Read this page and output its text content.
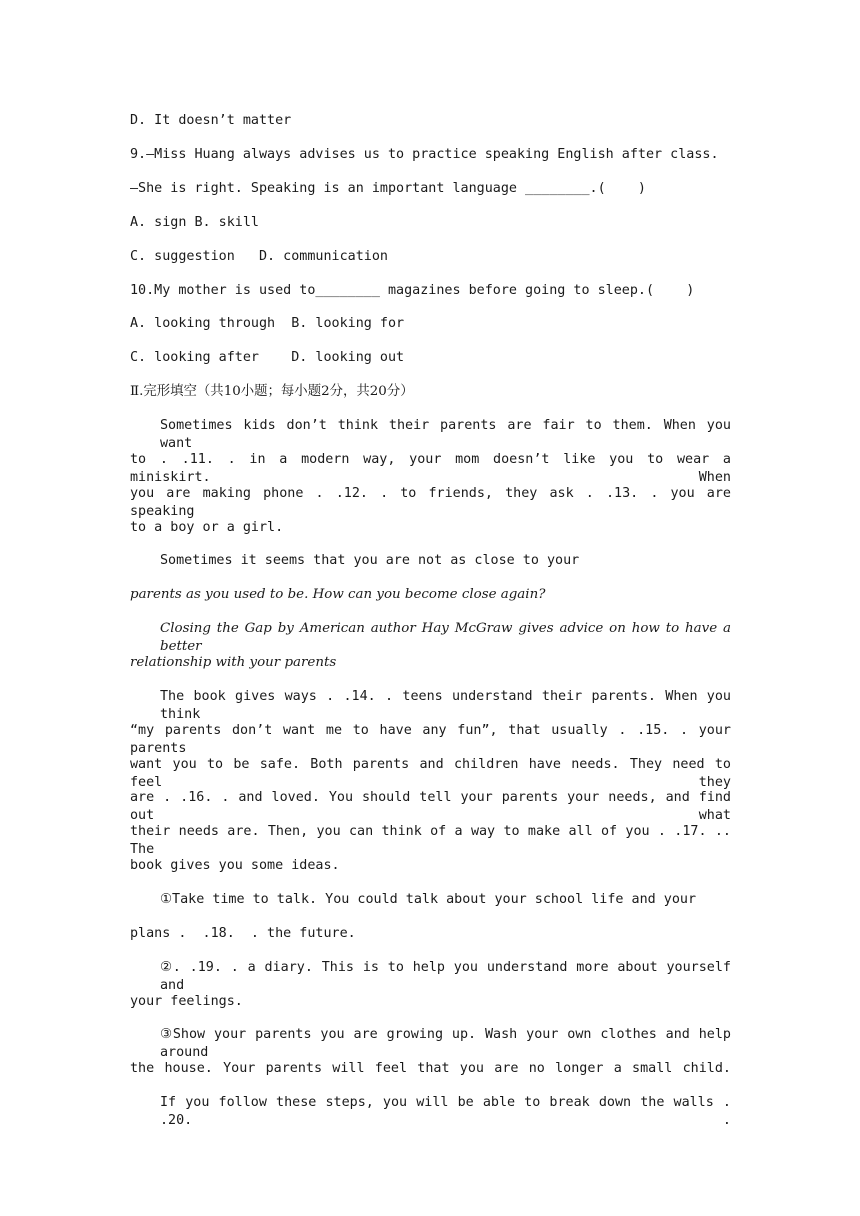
D. It doesn’t matter
9.—Miss Huang always advises us to practice speaking English after class.
—She is right. Speaking is an important language ________.(    )
A. sign B. skill
C. suggestion   D. communication
10.My mother is used to________ magazines before going to sleep.(    )
A. looking through  B. looking for
C. looking after    D. looking out
Ⅱ.完形填空（共10小题；每小题2分，共20分）
Sometimes kids don’t think their parents are fair to them. When you want
to . .11. . in a modern way, your mom doesn’t like you to wear a miniskirt. When
you are making phone . .12. . to friends, they ask . .13. . you are speaking
to a boy or a girl.
Sometimes it seems that you are not as close to your
parents as you used to be. How can you become close again?
Closing the Gap by American author Hay McGraw gives advice on how to have a better
relationship with your parents
The book gives ways . .14. . teens understand their parents. When you think
“my parents don’t want me to have any fun”, that usually . .15. . your parents
want you to be safe. Both parents and children have needs. They need to feel they
are . .16. . and loved. You should tell your parents your needs, and find out what
their needs are. Then, you can think of a way to make all of you . .17. .. The
book gives you some ideas.
①Take time to talk. You could talk about your school life and your
plans .  .18.  . the future.
②. .19. . a diary. This is to help you understand more about yourself and
your feelings.
③Show your parents you are growing up. Wash your own clothes and help around
the house. Your parents will feel that you are no longer a small child.
If you follow these steps, you will be able to break down the walls . .20. .
